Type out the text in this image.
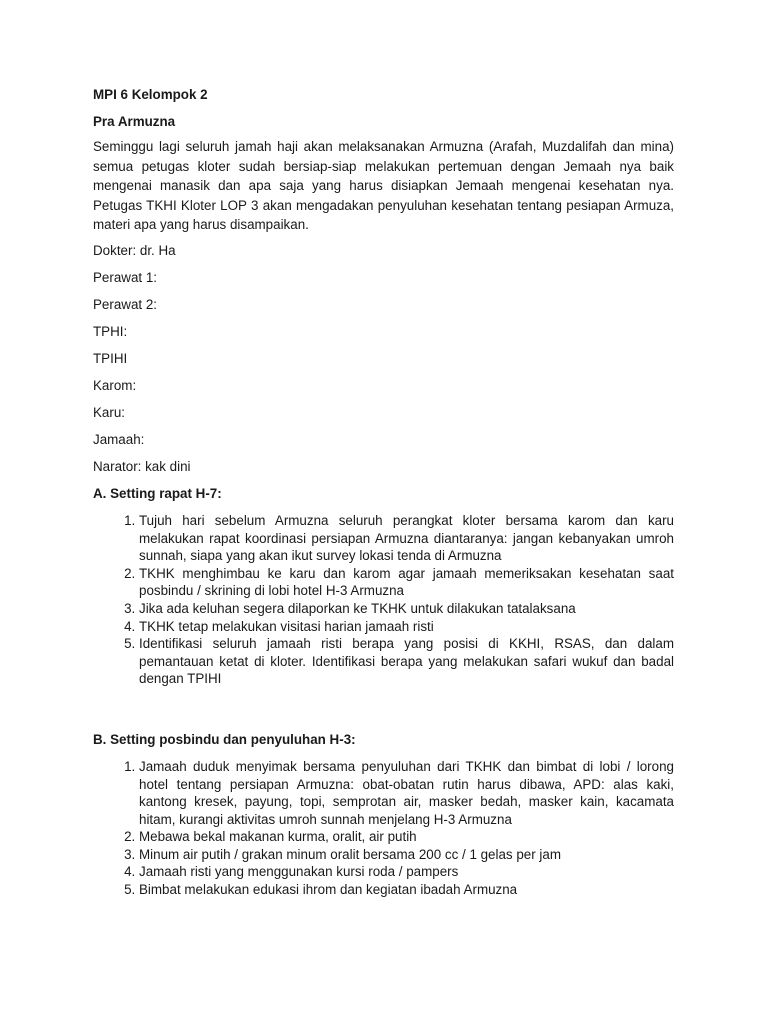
MPI 6 Kelompok 2

Pra Armuzna

Seminggu lagi seluruh jamah haji akan melaksanakan Armuzna (Arafah, Muzdalifah dan mina) semua petugas kloter sudah bersiap-siap melakukan pertemuan dengan Jemaah nya baik mengenai manasik dan apa saja yang harus disiapkan Jemaah mengenai kesehatan nya. Petugas TKHI Kloter LOP 3 akan mengadakan penyuluhan kesehatan tentang pesiapan Armuza, materi apa yang harus disampaikan.

Dokter: dr. Ha

Perawat 1:

Perawat 2:

TPHI:

TPIHI

Karom:

Karu:

Jamaah:

Narator: kak dini

A. Setting rapat H-7:

1. Tujuh hari sebelum Armuzna seluruh perangkat kloter bersama karom dan karu melakukan rapat koordinasi persiapan Armuzna diantaranya: jangan kebanyakan umroh sunnah, siapa yang akan ikut survey lokasi tenda di Armuzna
2. TKHK menghimbau ke karu dan karom agar jamaah memeriksakan kesehatan saat posbindu / skrining di lobi hotel H-3 Armuzna
3. Jika ada keluhan segera dilaporkan ke TKHK untuk dilakukan tatalaksana
4. TKHK tetap melakukan visitasi harian jamaah risti
5. Identifikasi seluruh jamaah risti berapa yang posisi di KKHI, RSAS, dan dalam pemantauan ketat di kloter. Identifikasi berapa yang melakukan safari wukuf dan badal dengan TPIHI

B. Setting posbindu dan penyuluhan H-3:

1. Jamaah duduk menyimak bersama penyuluhan dari TKHK dan bimbat di lobi / lorong hotel tentang persiapan Armuzna: obat-obatan rutin harus dibawa, APD: alas kaki, kantong kresek, payung, topi, semprotan air, masker bedah, masker kain, kacamata hitam, kurangi aktivitas umroh sunnah menjelang H-3 Armuzna
2. Mebawa bekal makanan kurma, oralit, air putih
3. Minum air putih / grakan minum oralit bersama 200 cc / 1 gelas per jam
4. Jamaah risti yang menggunakan kursi roda / pampers
5. Bimbat melakukan edukasi ihrom dan kegiatan ibadah Armuzna
